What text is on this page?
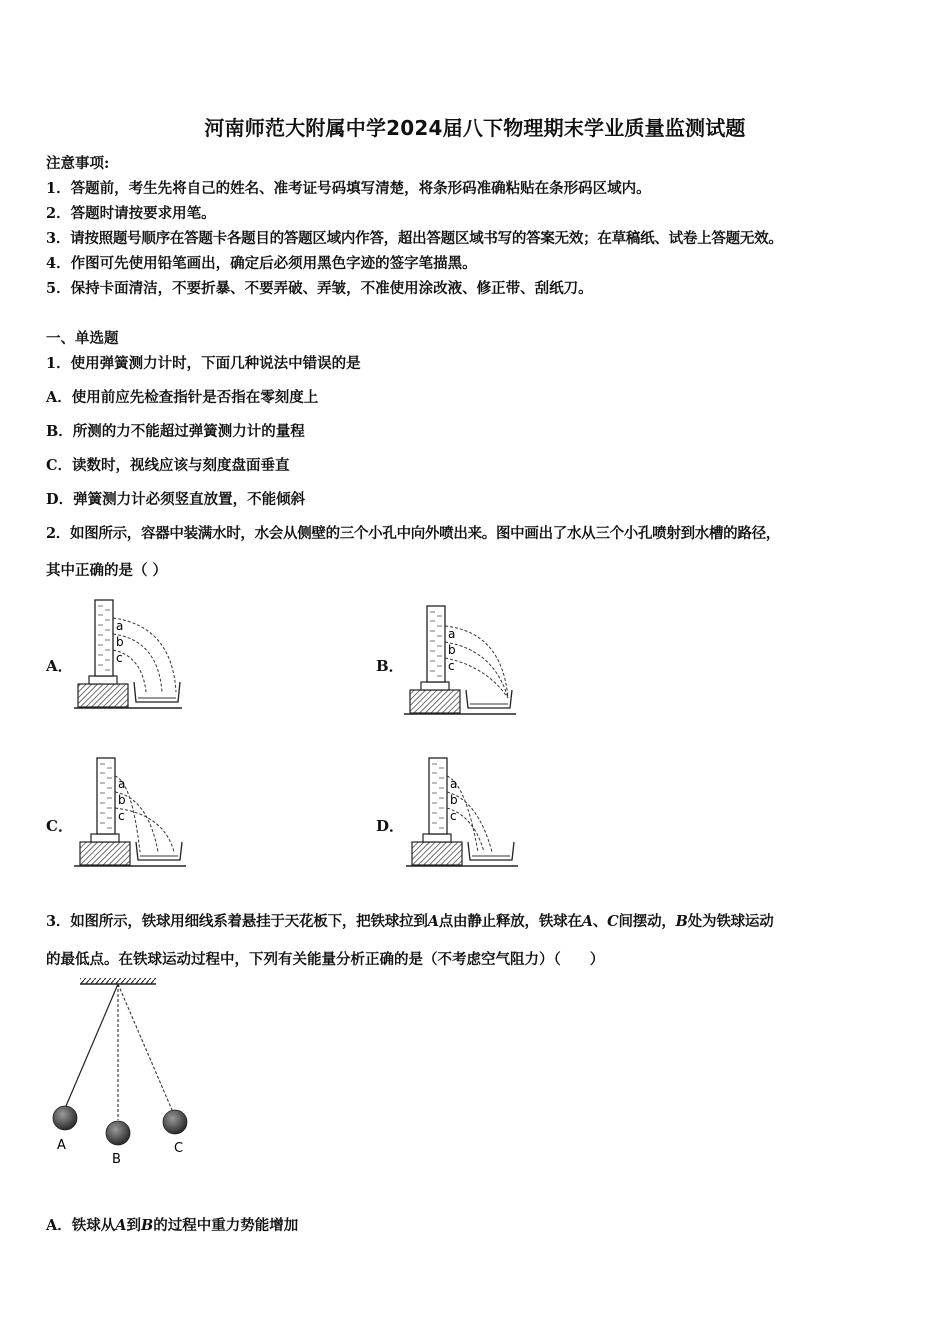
河南师范大附属中学2024届八下物理期末学业质量监测试题
注意事项:
1．答题前，考生先将自己的姓名、准考证号码填写清楚，将条形码准确粘贴在条形码区域内。
2．答题时请按要求用笔。
3．请按照题号顺序在答题卡各题目的答题区域内作答，超出答题区域书写的答案无效；在草稿纸、试卷上答题无效。
4．作图可先使用铅笔画出，确定后必须用黑色字迹的签字笔描黑。
5．保持卡面清洁，不要折暴、不要弄破、弄皱，不准使用涂改液、修正带、刮纸刀。
一、单选题
1．使用弹簧测力计时，下面几种说法中错误的是
A．使用前应先检查指针是否指在零刻度上
B．所测的力不能超过弹簧测力计的量程
C．读数时，视线应该与刻度盘面垂直
D．弹簧测力计必须竖直放置，不能倾斜
2．如图所示，容器中装满水时，水会从侧壁的三个小孔中向外喷出来。图中画出了水从三个小孔喷射到水槽的路径，
其中正确的是（ ）
A．	B．
C．	D．
a
b
c
a
b
c
a
b
c
a
b
c
3．如图所示，铁球用细线系着悬挂于天花板下，把铁球拉到A点由静止释放，铁球在A、C间摆动，B处为铁球运动
的最低点。在铁球运动过程中，下列有关能量分析正确的是（不考虑空气阻力）（　　）
A
B
C
A．铁球从A到B的过程中重力势能增加
